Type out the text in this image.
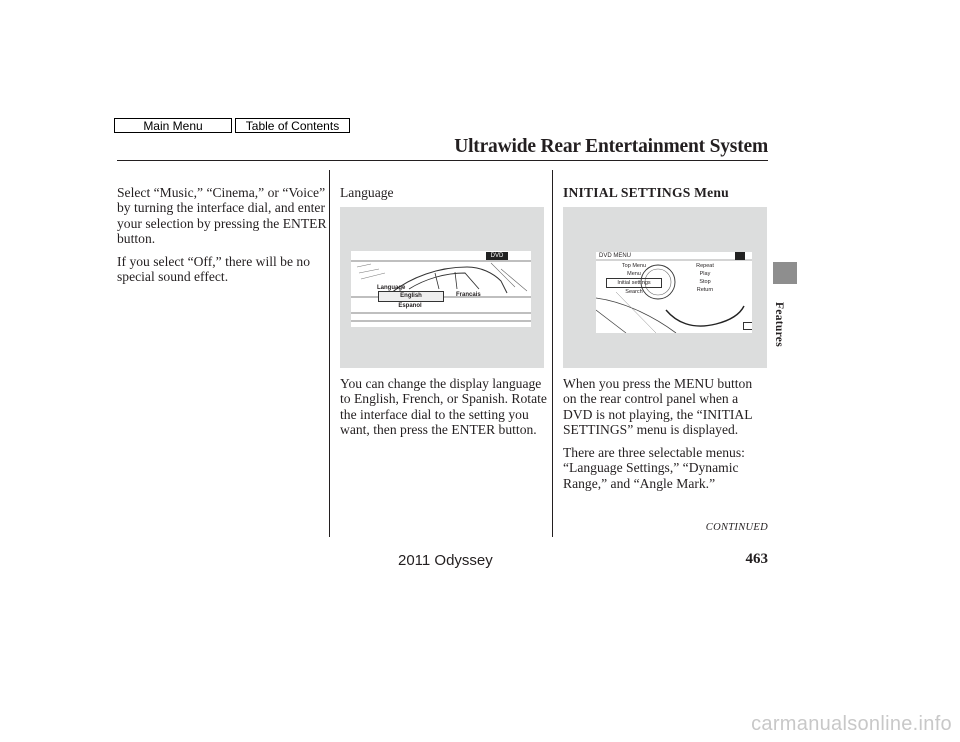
Main Menu	Table of Contents
Ultrawide Rear Entertainment System

Select “Music,” “Cinema,” or “Voice” by turning the interface dial, and enter your selection by pressing the ENTER button.

If you select “Off,” there will be no special sound effect.

Language
DVD
Language
English	Francais
Espanol

You can change the display language to English, French, or Spanish. Rotate the interface dial to the setting you want, then press the ENTER button.

INITIAL SETTINGS Menu
DVD MENU
Top Menu
Menu
Initial settings
Search
Repeat
Play
Stop
Return

When you press the MENU button on the rear control panel when a DVD is not playing, the “INITIAL SETTINGS” menu is displayed.

There are three selectable menus: “Language Settings,” “Dynamic Range,” and “Angle Mark.”

Features
CONTINUED
2011 Odyssey	463
carmanualsonline.info
